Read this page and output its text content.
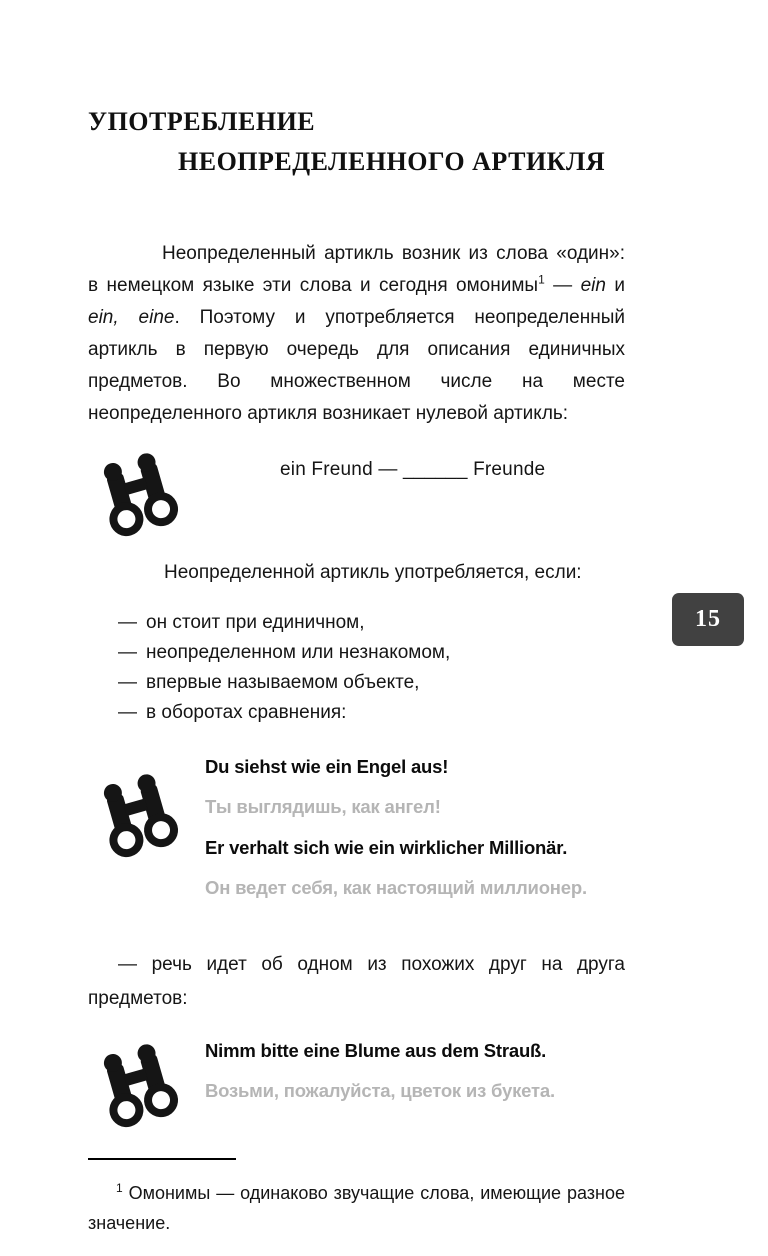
УПОТРЕБЛЕНИЕ
НЕОПРЕДЕЛЕННОГО АРТИКЛЯ

Неопределенный артикль возник из слова «один»: в немецком языке эти слова и сегодня омонимы$^1$ — ein и ein, eine. Поэтому и употребляется неопределенный артикль в первую очередь для описания единичных предметов. Во множественном числе на месте неопределенного артикля возникает нулевой артикль:

ein Freund — ______ Freunde

Неопределенной артикль употребляется, если:

— он стоит при единичном,
— неопределенном или незнакомом,
— впервые называемом объекте,
— в оборотах сравнения:

Du siehst wie ein Engel aus!

Ты выглядишь, как ангел!

Er verhalt sich wie ein wirklicher Millionär.

Он ведет себя, как настоящий миллионер.

— речь идет об одном из похожих друг на друга предметов:

Nimm bitte eine Blume aus dem Strauß.

Возьми, пожалуйста, цветок из букета.

$^1$ Омонимы — одинаково звучащие слова, имеющие разное значение.

15
